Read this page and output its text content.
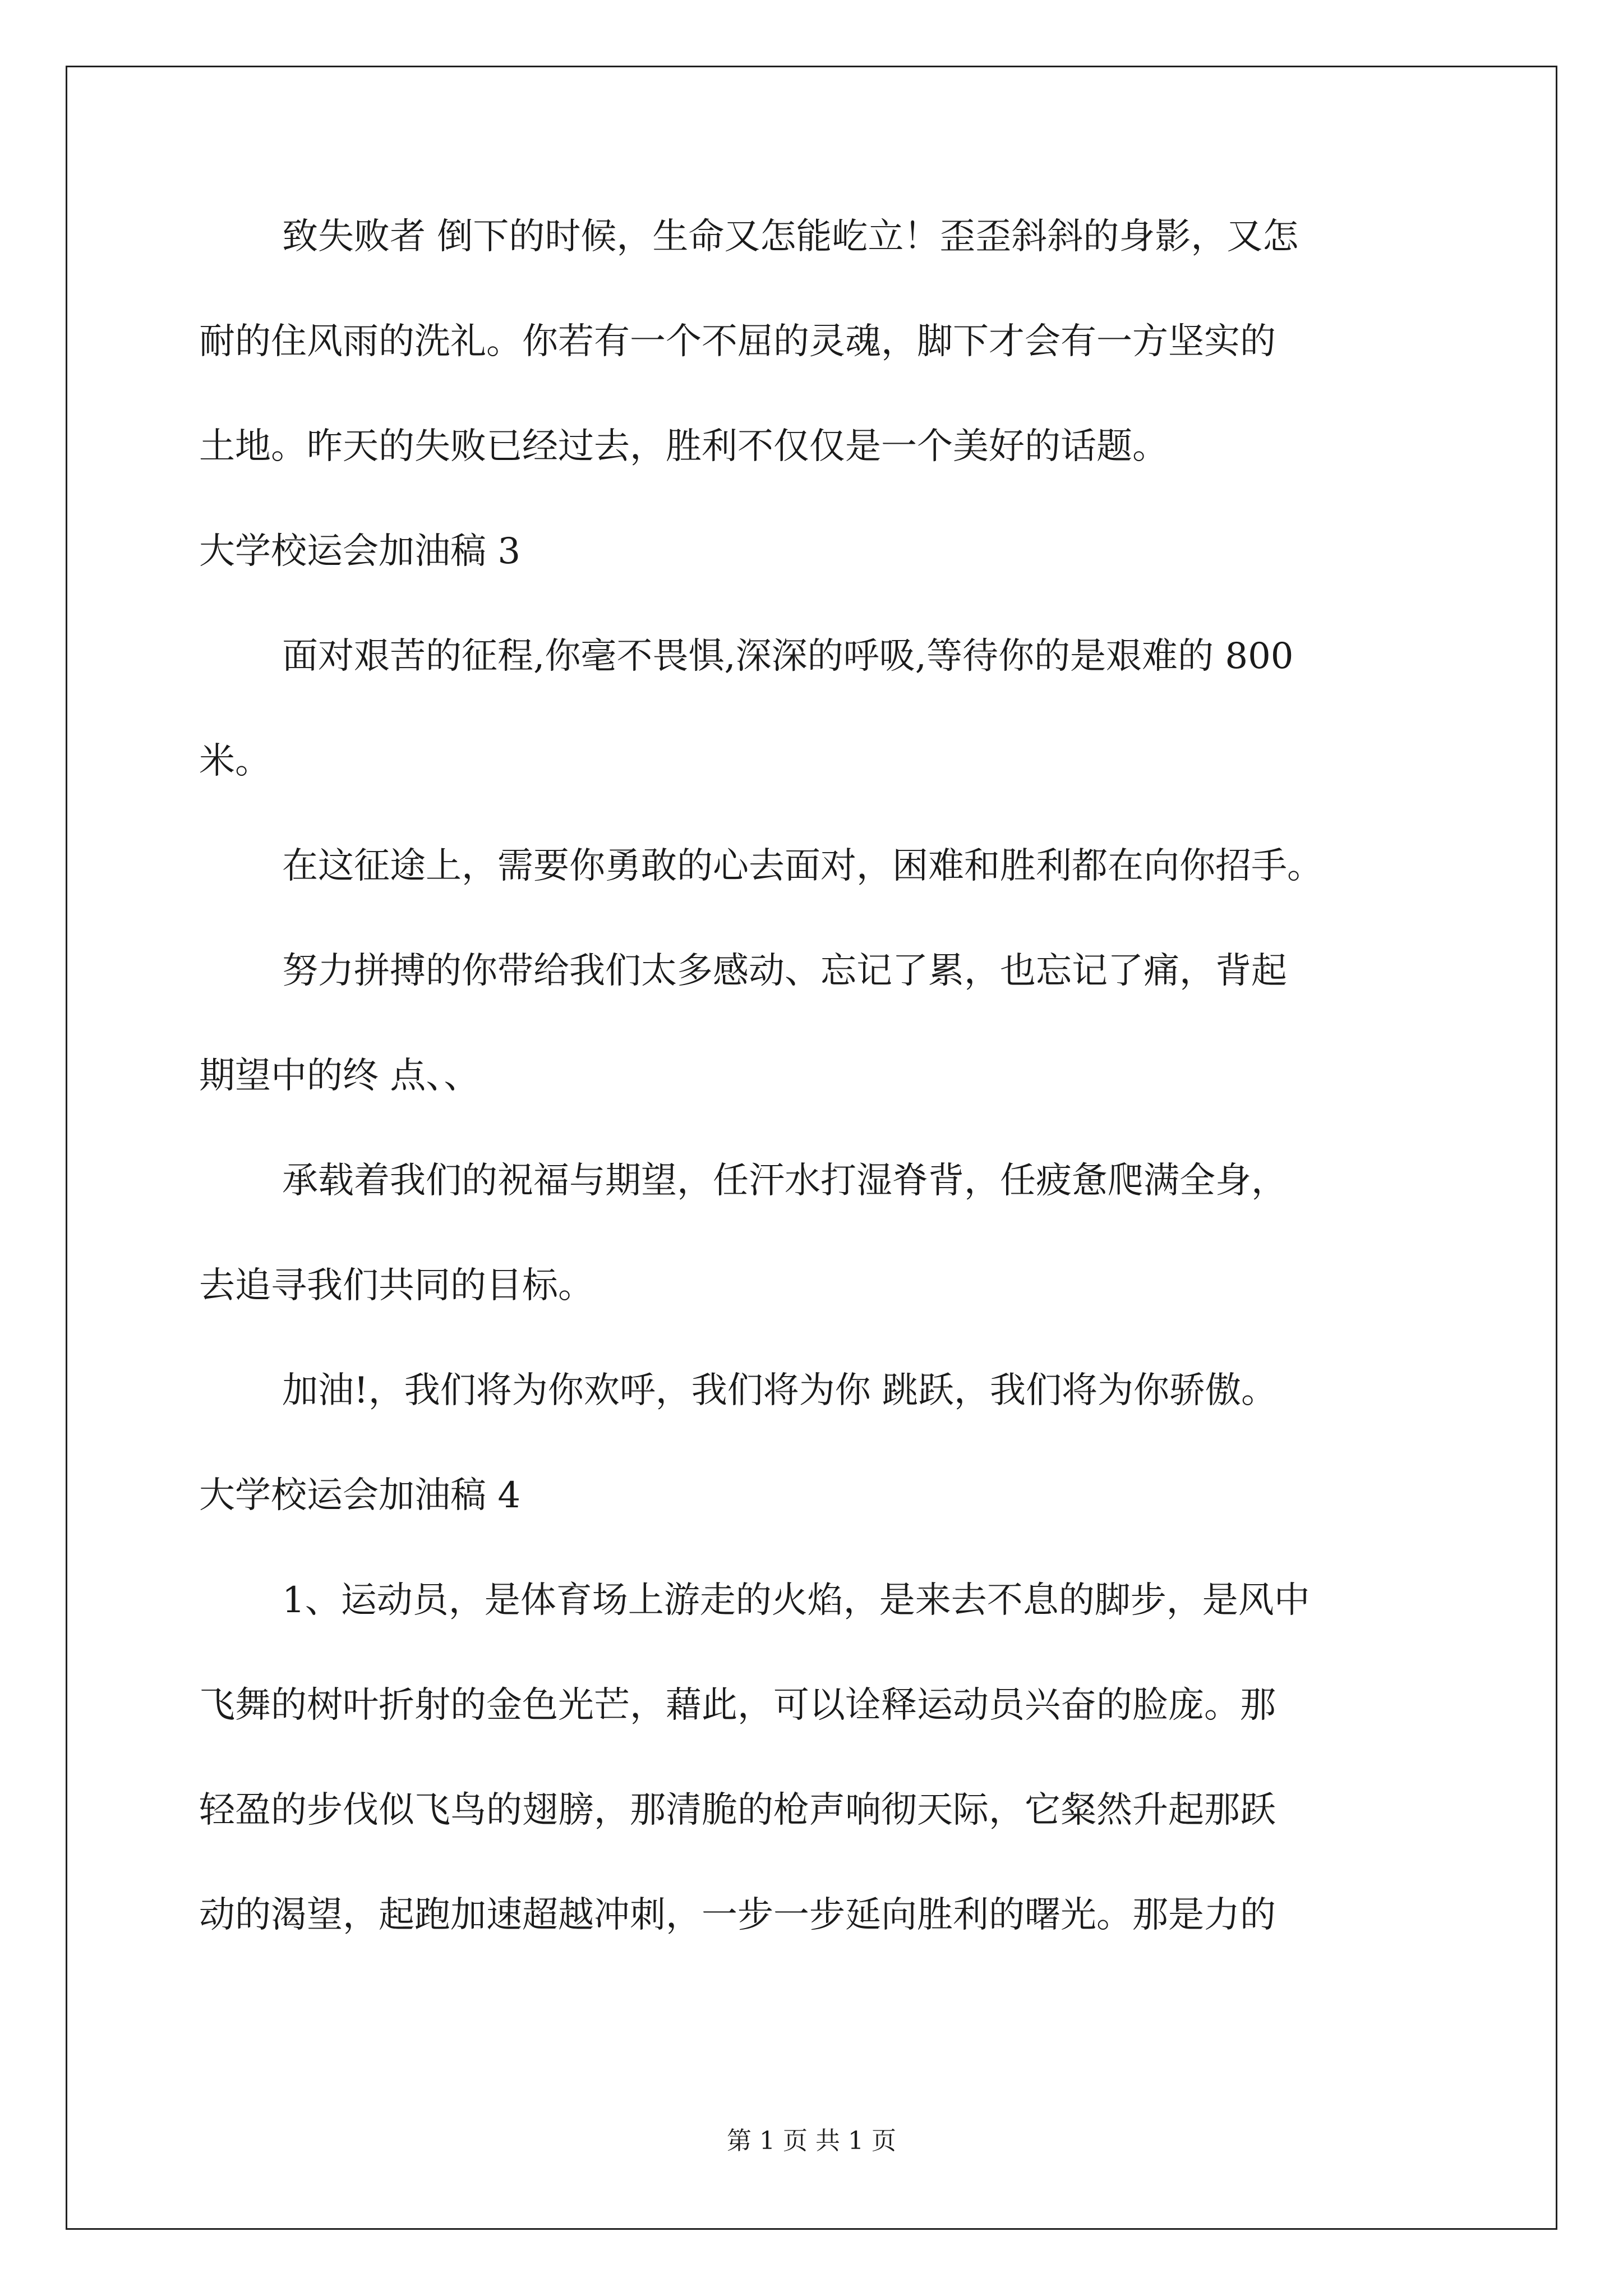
致失败者 倒下的时候，生命又怎能屹立！歪歪斜斜的身影，又怎
耐的住风雨的洗礼。你若有一个不屈的灵魂，脚下才会有一方坚实的
土地。昨天的失败已经过去，胜利不仅仅是一个美好的话题。
大学校运会加油稿 3
面对艰苦的征程,你毫不畏惧,深深的呼吸,等待你的是艰难的 800
米。
在这征途上，需要你勇敢的心去面对，困难和胜利都在向你招手。
努力拼搏的你带给我们太多感动、忘记了累，也忘记了痛，背起
期望中的终 点、、
承载着我们的祝福与期望，任汗水打湿脊背，任疲惫爬满全身，
去追寻我们共同的目标。
加油!，我们将为你欢呼，我们将为你 跳跃，我们将为你骄傲。
大学校运会加油稿 4
1、运动员，是体育场上游走的火焰，是来去不息的脚步，是风中
飞舞的树叶折射的金色光芒，藉此，可以诠释运动员兴奋的脸庞。那
轻盈的步伐似飞鸟的翅膀，那清脆的枪声响彻天际，它粲然升起那跃
动的渴望，起跑加速超越冲刺，一步一步延向胜利的曙光。那是力的
第 1 页 共 1 页
